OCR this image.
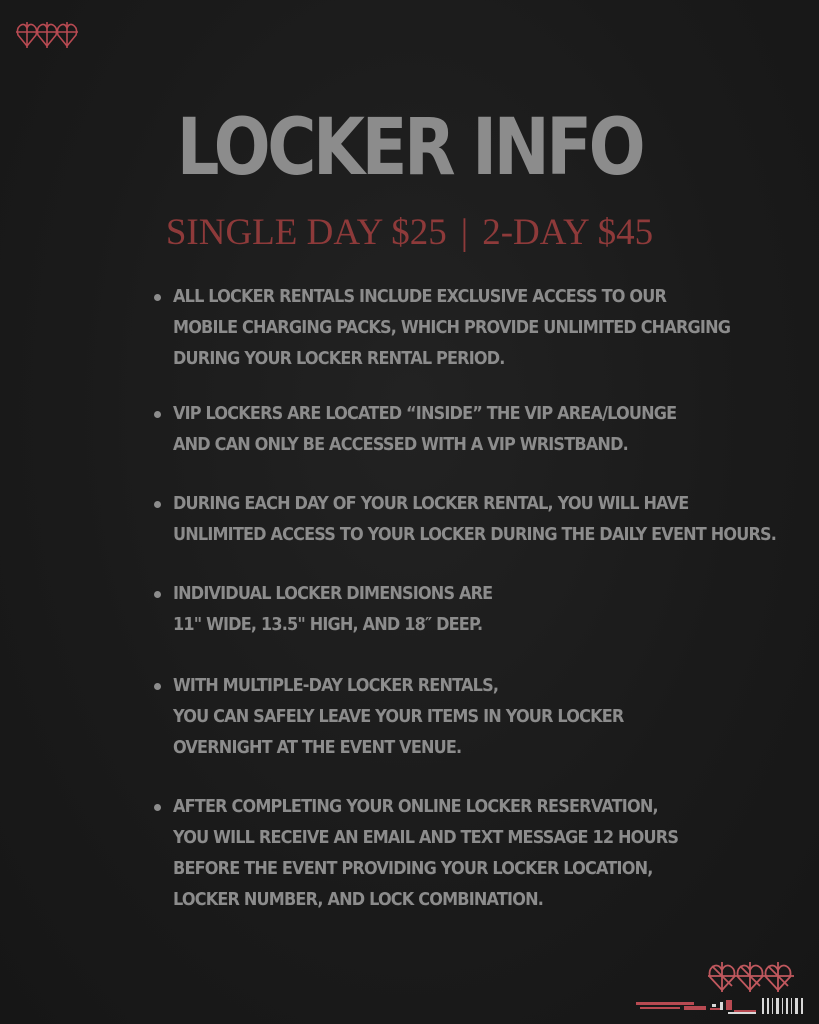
LOCKER INFO
SINGLE DAY $25 | 2-DAY $45
ALL LOCKER RENTALS INCLUDE EXCLUSIVE ACCESS TO OUR
MOBILE CHARGING PACKS, WHICH PROVIDE UNLIMITED CHARGING
DURING YOUR LOCKER RENTAL PERIOD.
VIP LOCKERS ARE LOCATED “INSIDE” THE VIP AREA/LOUNGE
AND CAN ONLY BE ACCESSED WITH A VIP WRISTBAND.
DURING EACH DAY OF YOUR LOCKER RENTAL, YOU WILL HAVE
UNLIMITED ACCESS TO YOUR LOCKER DURING THE DAILY EVENT HOURS.
INDIVIDUAL LOCKER DIMENSIONS ARE
11" WIDE, 13.5" HIGH, AND 18″ DEEP.
WITH MULTIPLE-DAY LOCKER RENTALS,
YOU CAN SAFELY LEAVE YOUR ITEMS IN YOUR LOCKER
OVERNIGHT AT THE EVENT VENUE.
AFTER COMPLETING YOUR ONLINE LOCKER RESERVATION,
YOU WILL RECEIVE AN EMAIL AND TEXT MESSAGE 12 HOURS
BEFORE THE EVENT PROVIDING YOUR LOCKER LOCATION,
LOCKER NUMBER, AND LOCK COMBINATION.
